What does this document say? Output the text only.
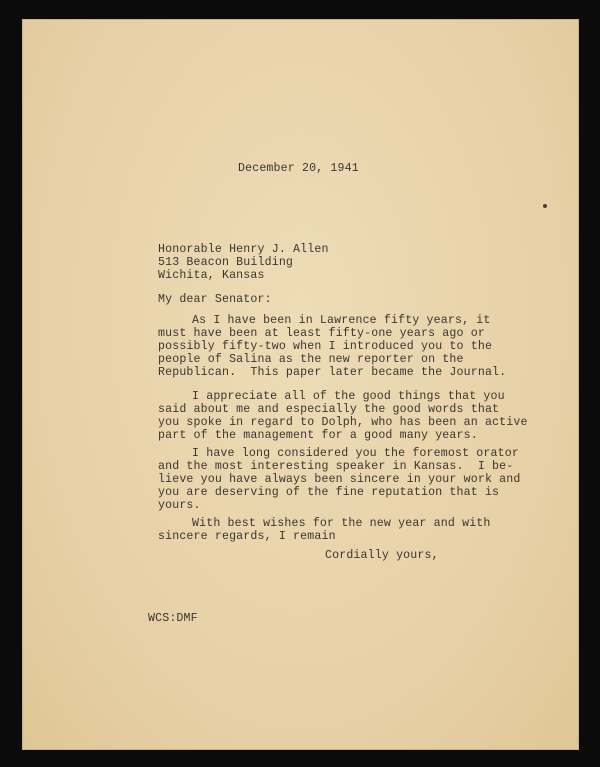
December 20, 1941

Honorable Henry J. Allen

513 Beacon Building

Wichita, Kansas

My dear Senator:

As I have been in Lawrence fifty years, it

must have been at least fifty-one years ago or

possibly fifty-two when I introduced you to the

people of Salina as the new reporter on the

Republican.  This paper later became the Journal.

I appreciate all of the good things that you

said about me and especially the good words that

you spoke in regard to Dolph, who has been an active

part of the management for a good many years.

I have long considered you the foremost orator

and the most interesting speaker in Kansas.  I be-

lieve you have always been sincere in your work and

you are deserving of the fine reputation that is

yours.

With best wishes for the new year and with

sincere regards, I remain

Cordially yours,

WCS:DMF
